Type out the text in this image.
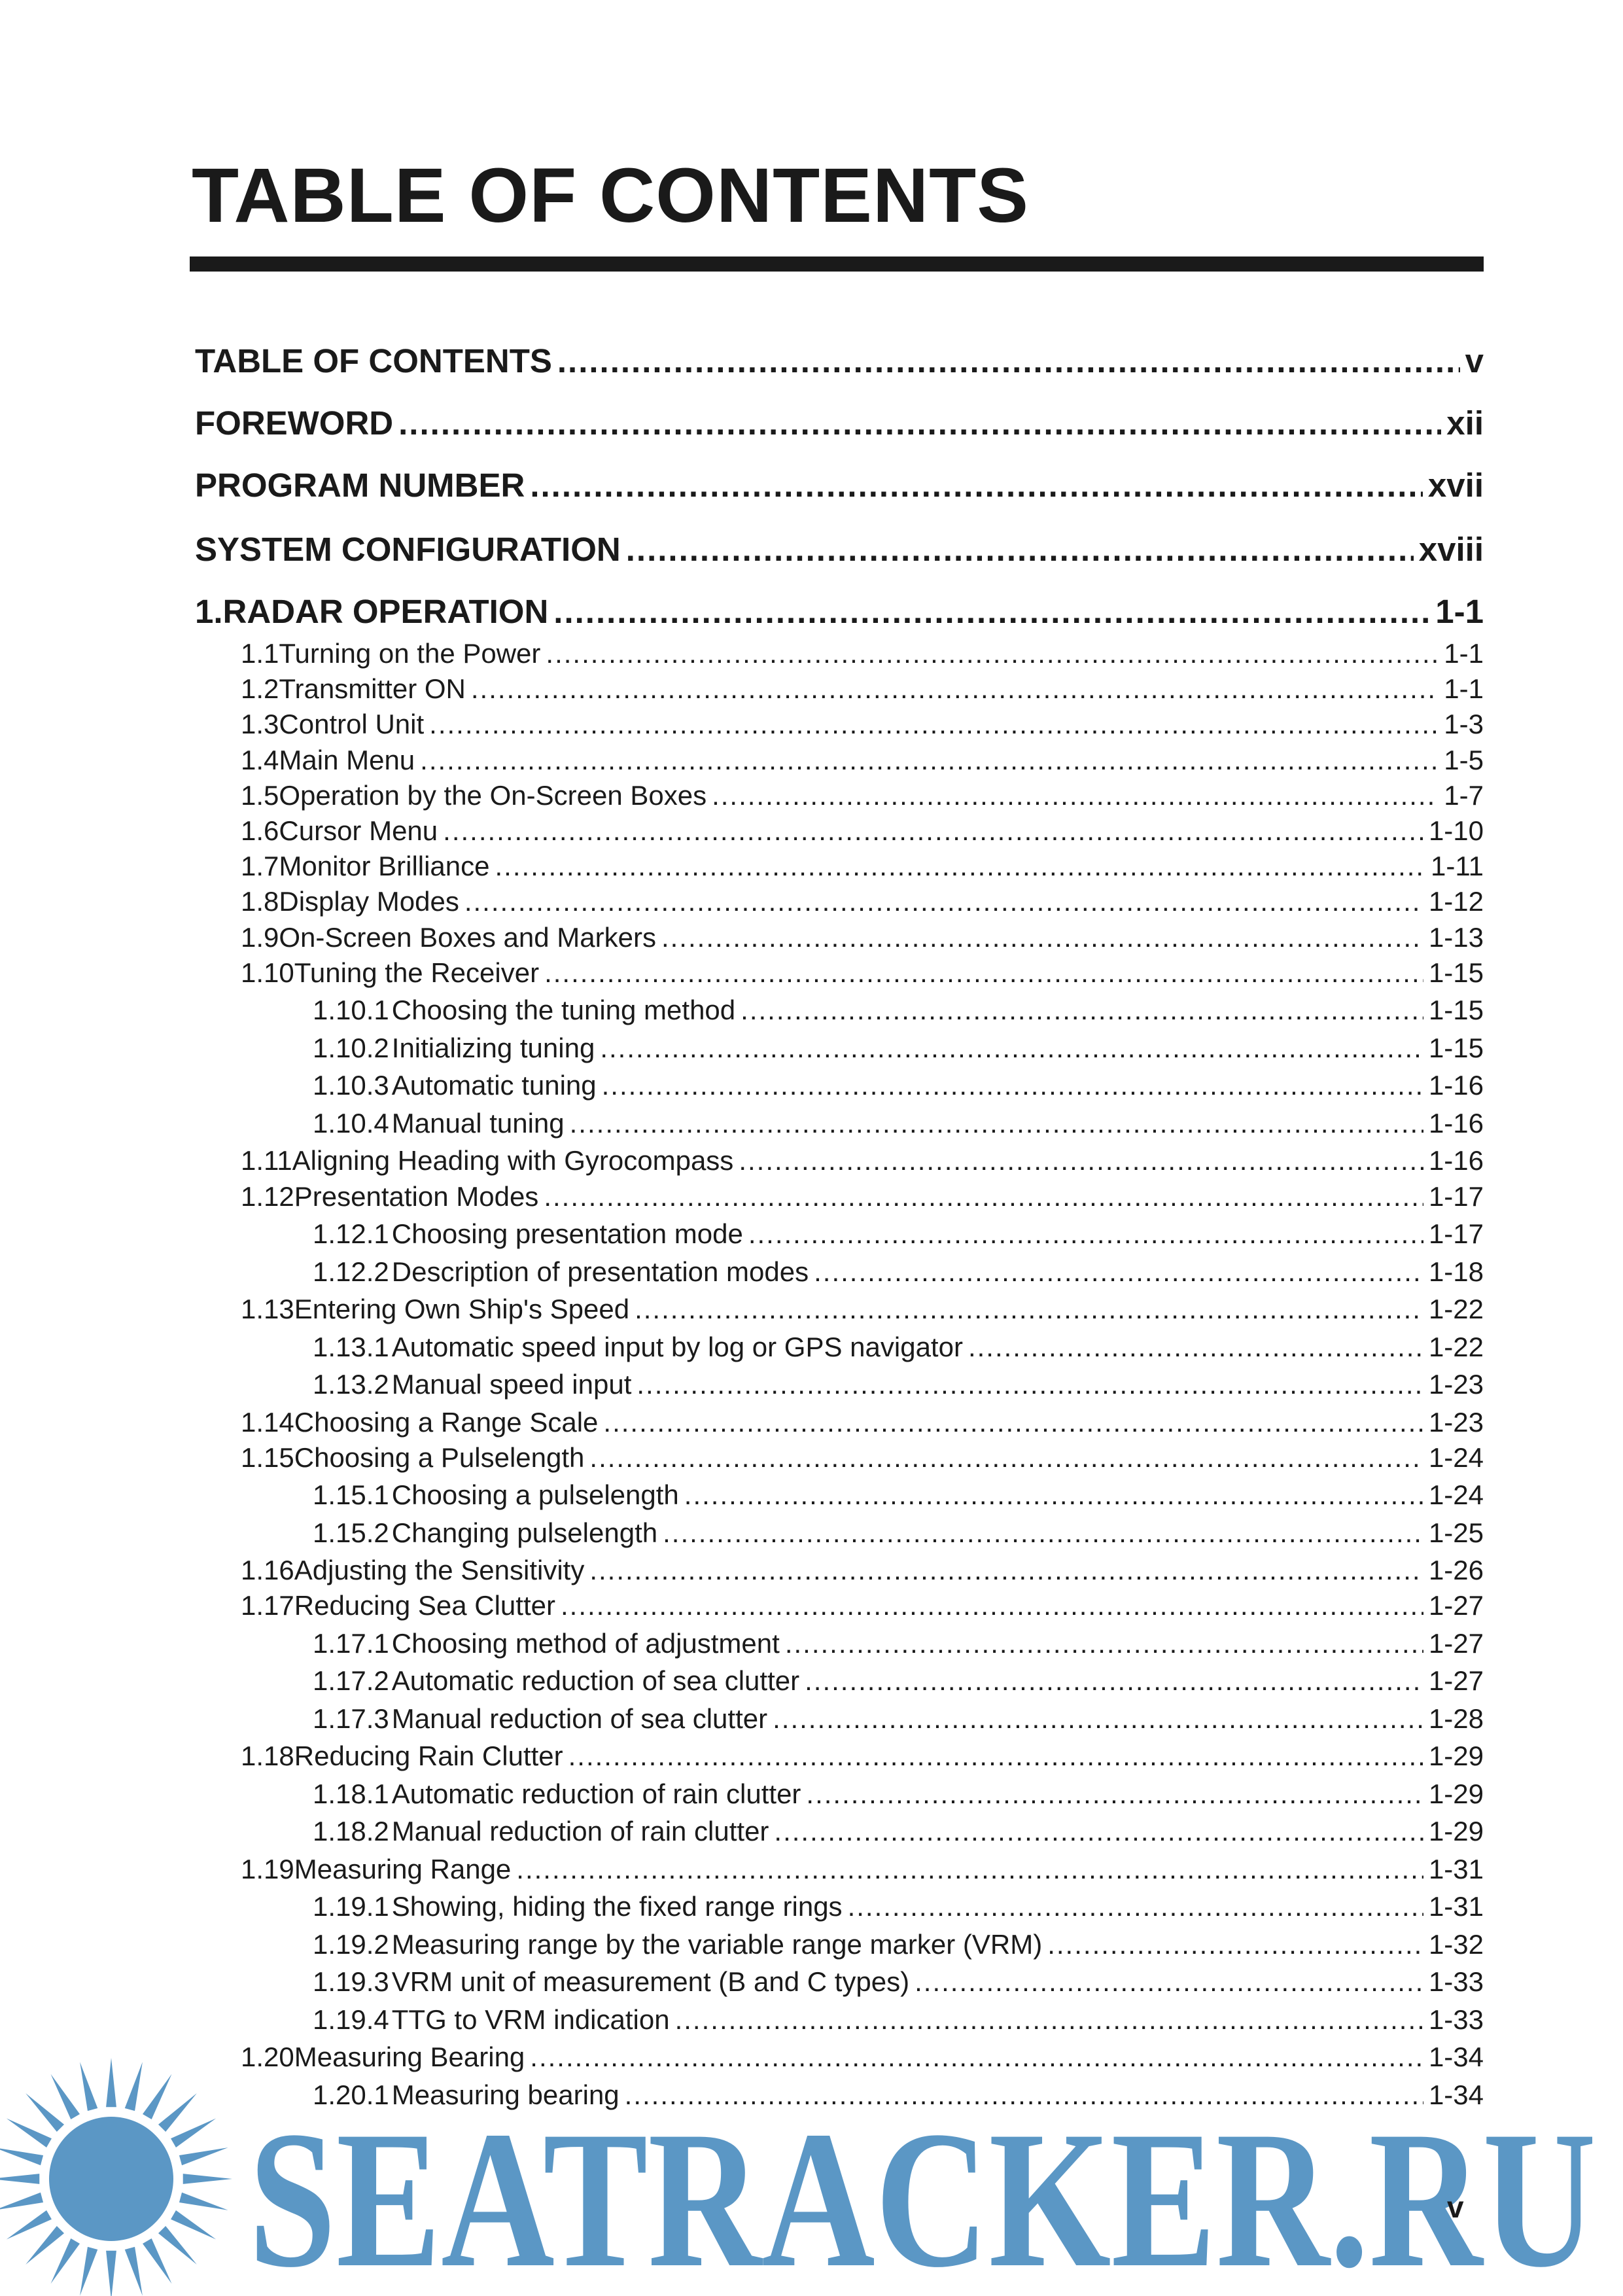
TABLE OF CONTENTS
TABLE OF CONTENTS .....	v
FOREWORD .....	xii
PROGRAM NUMBER .....	xvii
SYSTEM CONFIGURATION .....	xviii
1. RADAR OPERATION .....	1-1
1.1 Turning on the Power .....	1-1
1.2 Transmitter ON .....	1-1
1.3 Control Unit .....	1-3
1.4 Main Menu .....	1-5
1.5 Operation by the On-Screen Boxes .....	1-7
1.6 Cursor Menu .....	1-10
1.7 Monitor Brilliance .....	1-11
1.8 Display Modes .....	1-12
1.9 On-Screen Boxes and Markers .....	1-13
1.10 Tuning the Receiver .....	1-15
1.10.1 Choosing the tuning method .....	1-15
1.10.2 Initializing tuning .....	1-15
1.10.3 Automatic tuning .....	1-16
1.10.4 Manual tuning .....	1-16
1.11 Aligning Heading with Gyrocompass .....	1-16
1.12 Presentation Modes .....	1-17
1.12.1 Choosing presentation mode .....	1-17
1.12.2 Description of presentation modes .....	1-18
1.13 Entering Own Ship's Speed .....	1-22
1.13.1 Automatic speed input by log or GPS navigator .....	1-22
1.13.2 Manual speed input .....	1-23
1.14 Choosing a Range Scale .....	1-23
1.15 Choosing a Pulselength .....	1-24
1.15.1 Choosing a pulselength .....	1-24
1.15.2 Changing pulselength .....	1-25
1.16 Adjusting the Sensitivity .....	1-26
1.17 Reducing Sea Clutter .....	1-27
1.17.1 Choosing method of adjustment .....	1-27
1.17.2 Automatic reduction of sea clutter .....	1-27
1.17.3 Manual reduction of sea clutter .....	1-28
1.18 Reducing Rain Clutter .....	1-29
1.18.1 Automatic reduction of rain clutter .....	1-29
1.18.2 Manual reduction of rain clutter .....	1-29
1.19 Measuring Range .....	1-31
1.19.1 Showing, hiding the fixed range rings .....	1-31
1.19.2 Measuring range by the variable range marker (VRM) .....	1-32
1.19.3 VRM unit of measurement (B and C types) .....	1-33
1.19.4 TTG to VRM indication .....	1-33
1.20 Measuring Bearing .....	1-34
1.20.1 Measuring bearing .....	1-34
SEATRACKER.RU
v
